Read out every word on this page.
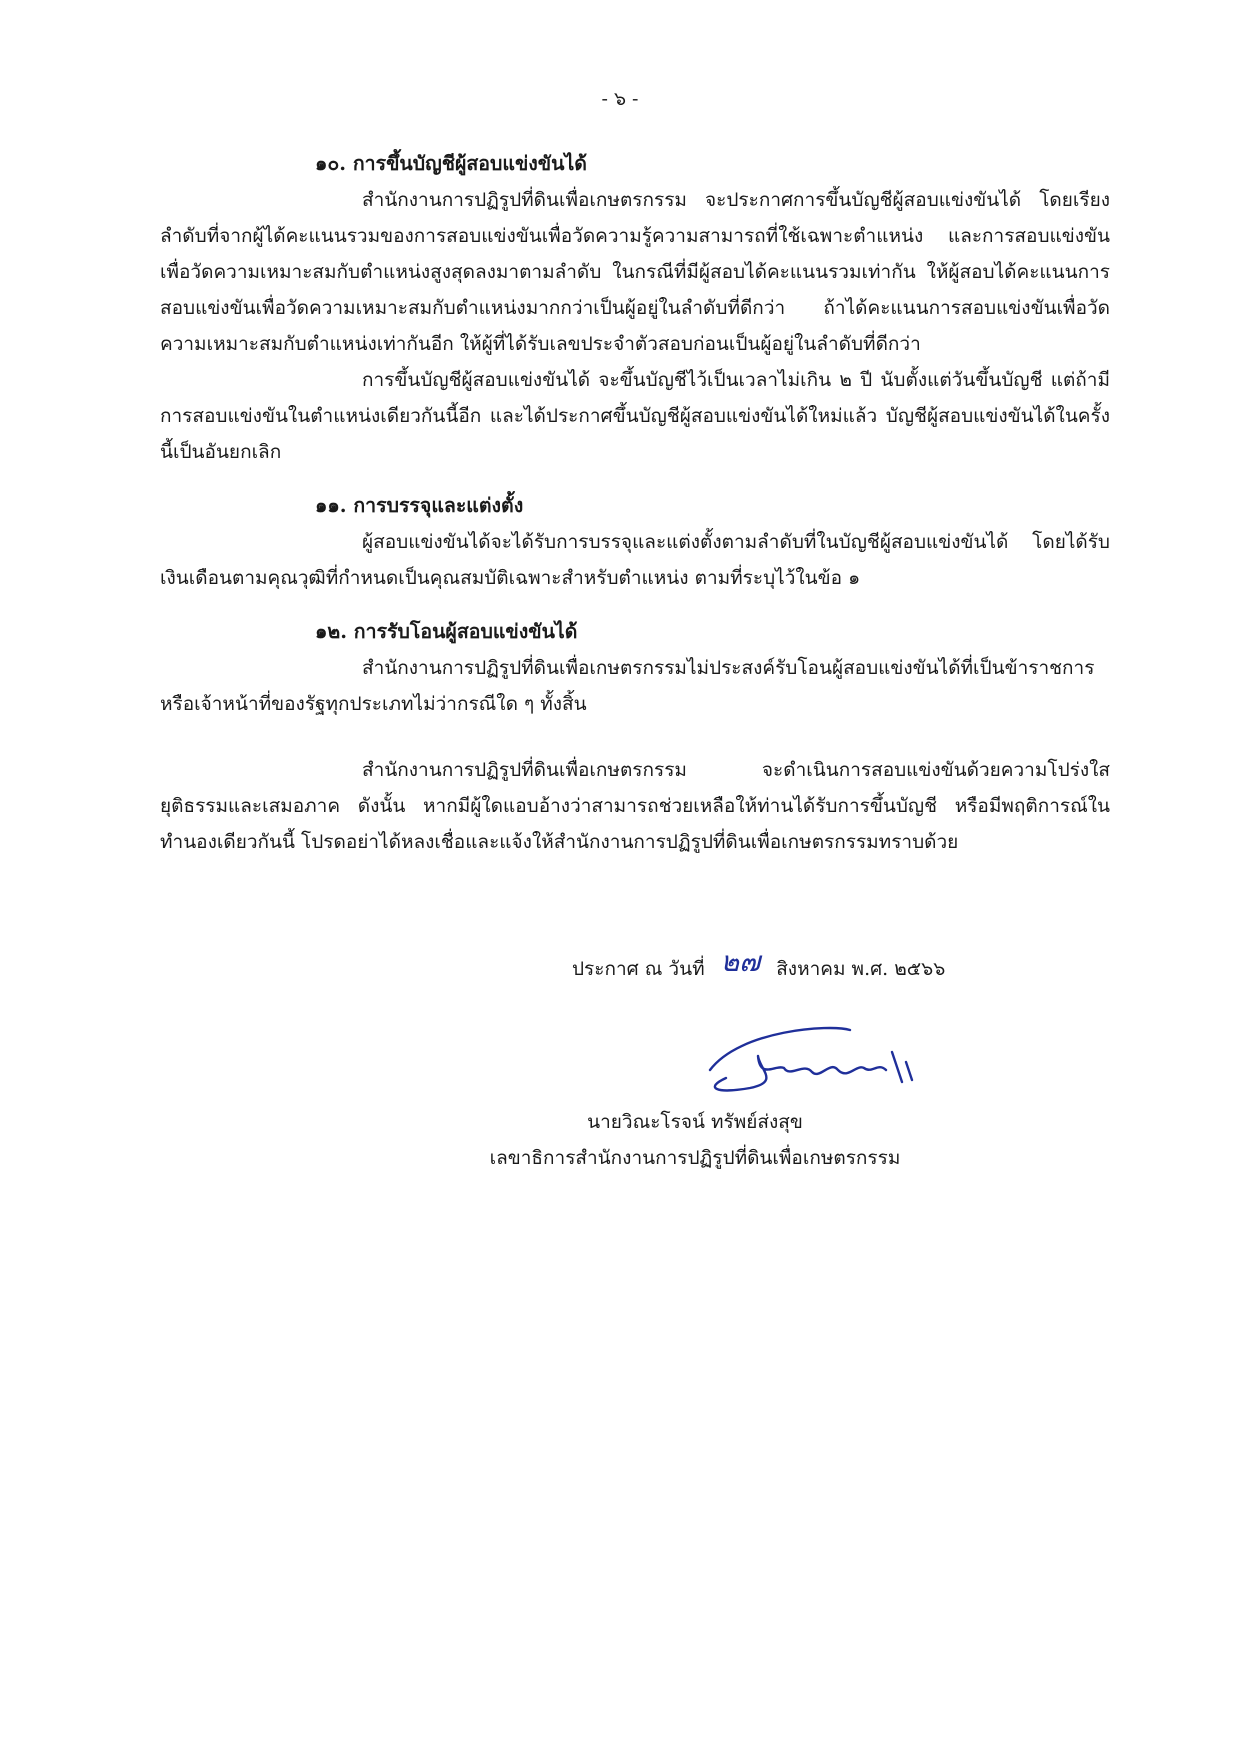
- ๖ -

๑๐. การขึ้นบัญชีผู้สอบแข่งขันได้

สำนักงานการปฏิรูปที่ดินเพื่อเกษตรกรรม จะประกาศการขึ้นบัญชีผู้สอบแข่งขันได้ โดยเรียงลำดับที่จากผู้ได้คะแนนรวมของการสอบแข่งขันเพื่อวัดความรู้ความสามารถที่ใช้เฉพาะตำแหน่ง และการสอบแข่งขันเพื่อวัดความเหมาะสมกับตำแหน่งสูงสุดลงมาตามลำดับ ในกรณีที่มีผู้สอบได้คะแนนรวมเท่ากัน ให้ผู้สอบได้คะแนนการสอบแข่งขันเพื่อวัดความเหมาะสมกับตำแหน่งมากกว่าเป็นผู้อยู่ในลำดับที่ดีกว่า ถ้าได้คะแนนการสอบแข่งขันเพื่อวัดความเหมาะสมกับตำแหน่งเท่ากันอีก ให้ผู้ที่ได้รับเลขประจำตัวสอบก่อนเป็นผู้อยู่ในลำดับที่ดีกว่า

การขึ้นบัญชีผู้สอบแข่งขันได้ จะขึ้นบัญชีไว้เป็นเวลาไม่เกิน ๒ ปี นับตั้งแต่วันขึ้นบัญชี แต่ถ้ามีการสอบแข่งขันในตำแหน่งเดียวกันนี้อีก และได้ประกาศขึ้นบัญชีผู้สอบแข่งขันได้ใหม่แล้ว บัญชีผู้สอบแข่งขันได้ในครั้งนี้เป็นอันยกเลิก

๑๑. การบรรจุและแต่งตั้ง

ผู้สอบแข่งขันได้จะได้รับการบรรจุและแต่งตั้งตามลำดับที่ในบัญชีผู้สอบแข่งขันได้ โดยได้รับเงินเดือนตามคุณวุฒิที่กำหนดเป็นคุณสมบัติเฉพาะสำหรับตำแหน่ง ตามที่ระบุไว้ในข้อ ๑

๑๒. การรับโอนผู้สอบแข่งขันได้

สำนักงานการปฏิรูปที่ดินเพื่อเกษตรกรรมไม่ประสงค์รับโอนผู้สอบแข่งขันได้ที่เป็นข้าราชการหรือเจ้าหน้าที่ของรัฐทุกประเภทไม่ว่ากรณีใด ๆ ทั้งสิ้น

สำนักงานการปฏิรูปที่ดินเพื่อเกษตรกรรม จะดำเนินการสอบแข่งขันด้วยความโปร่งใส ยุติธรรมและเสมอภาค ดังนั้น หากมีผู้ใดแอบอ้างว่าสามารถช่วยเหลือให้ท่านได้รับการขึ้นบัญชี หรือมีพฤติการณ์ในทำนองเดียวกันนี้ โปรดอย่าได้หลงเชื่อและแจ้งให้สำนักงานการปฏิรูปที่ดินเพื่อเกษตรกรรมทราบด้วย

ประกาศ ณ วันที่ ๒๗ สิงหาคม พ.ศ. ๒๕๖๖
นายวิณะโรจน์ ทรัพย์ส่งสุข
เลขาธิการสำนักงานการปฏิรูปที่ดินเพื่อเกษตรกรรม
